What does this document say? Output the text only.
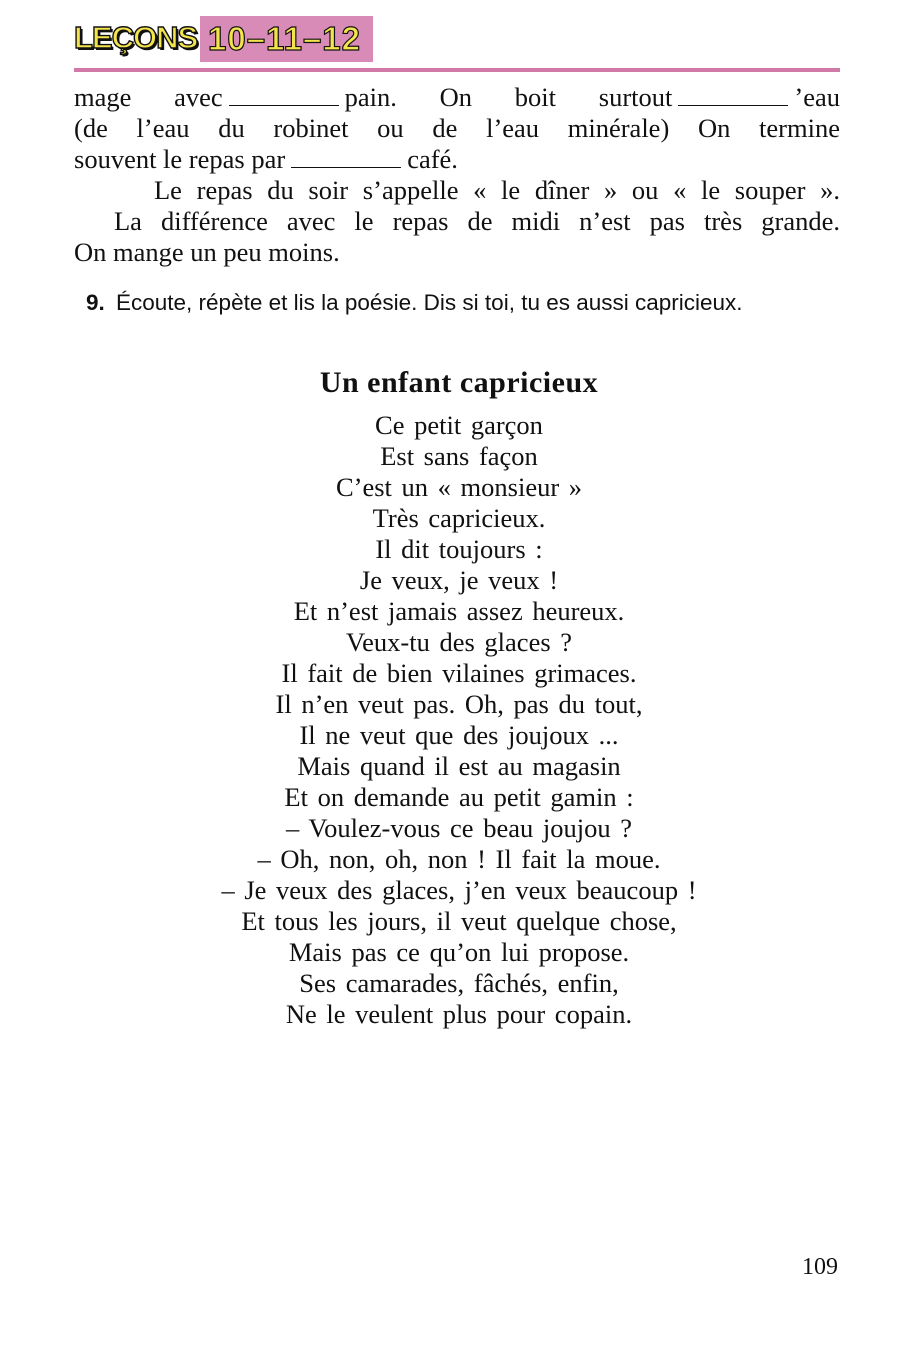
LEÇONS 10–11–12

mage avec	pain. On boit surtout	’eau
(de l’eau du robinet ou de l’eau minérale) On termine
souvent le repas par	café.

Le repas du soir s’appelle « le dîner » ou « le souper ».
La différence avec le repas de midi n’est pas très grande.
On mange un peu moins.

9. Écoute, répète et lis la poésie. Dis si toi, tu es aussi capricieux.
Un enfant capricieux
Ce petit garçon
Est sans façon
C’est un « monsieur »
Très capricieux.
Il dit toujours :
Je veux, je veux !
Et n’est jamais assez heureux.
Veux-tu des glaces ?
Il fait de bien vilaines grimaces.
Il n’en veut pas. Oh, pas du tout,
Il ne veut que des joujoux ...
Mais quand il est au magasin
Et on demande au petit gamin :
– Voulez-vous ce beau joujou ?
– Oh, non, oh, non ! Il fait la moue.
– Je veux des glaces, j’en veux beaucoup !
Et tous les jours, il veut quelque chose,
Mais pas ce qu’on lui propose.
Ses camarades, fâchés, enfin,
Ne le veulent plus pour copain.
109
